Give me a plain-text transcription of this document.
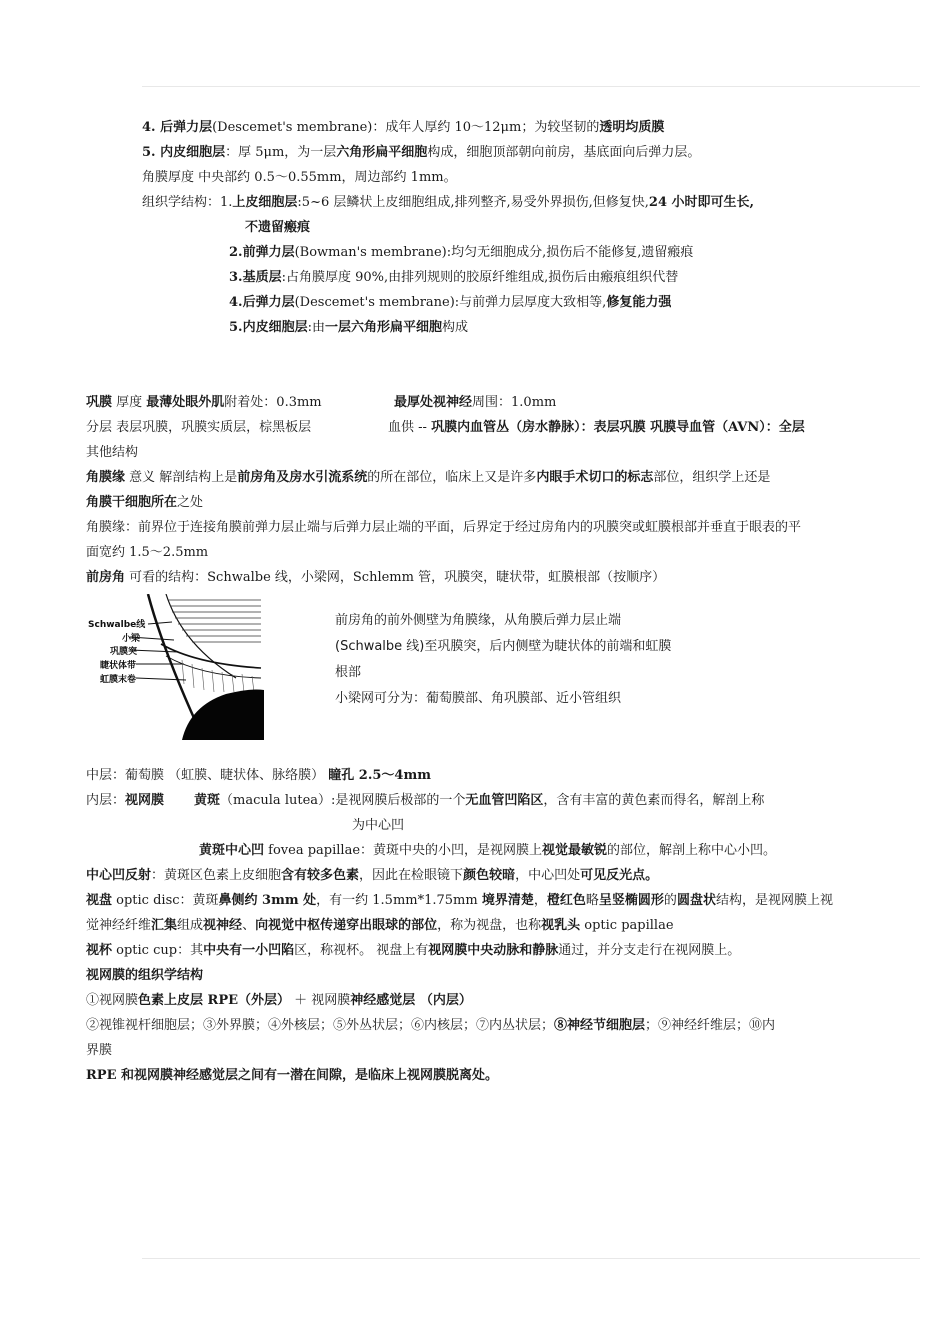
4. 后弹力层(Descemet's membrane)：成年人厚约 10～12μm；为较坚韧的透明均质膜
5. 内皮细胞层：厚 5μm，为一层六角形扁平细胞构成，细胞顶部朝向前房，基底面向后弹力层。
角膜厚度 中央部约 0.5～0.55mm，周边部约 1mm。
组织学结构：1.上皮细胞层:5~6 层鳞状上皮细胞组成,排列整齐,易受外界损伤,但修复快,24 小时即可生长,
不遗留瘢痕
2.前弹力层(Bowman's membrane):均匀无细胞成分,损伤后不能修复,遗留瘢痕
3.基质层:占角膜厚度 90%,由排列规则的胶原纤维组成,损伤后由瘢痕组织代替
4.后弹力层(Descemet's membrane):与前弹力层厚度大致相等,修复能力强
5.内皮细胞层:由一层六角形扁平细胞构成
巩膜 厚度 最薄处眼外肌附着处：0.3mm	最厚处视神经周围：1.0mm
分层 表层巩膜，巩膜实质层，棕黑板层	血供 -- 巩膜内血管丛（房水静脉）：表层巩膜 巩膜导血管（AVN）：全层
其他结构
角膜缘 意义 解剖结构上是前房角及房水引流系统的所在部位，临床上又是许多内眼手术切口的标志部位，组织学上还是
角膜干细胞所在之处
角膜缘：前界位于连接角膜前弹力层止端与后弹力层止端的平面，后界定于经过房角内的巩膜突或虹膜根部并垂直于眼表的平
面宽约 1.5～2.5mm
前房角 可看的结构：Schwalbe 线，小梁网，Schlemm 管，巩膜突，睫状带，虹膜根部（按顺序）
Schwalbe线
小梁
巩膜突
睫状体带
虹膜末卷
前房角的前外侧壁为角膜缘，从角膜后弹力层止端
(Schwalbe 线)至巩膜突，后内侧壁为睫状体的前端和虹膜
根部
小梁网可分为：葡萄膜部、角巩膜部、近小管组织
中层：葡萄膜 （虹膜、睫状体、脉络膜） 瞳孔 2.5～4mm
内层：视网膜 黄斑（macula lutea）:是视网膜后极部的一个无血管凹陷区，含有丰富的黄色素而得名，解剖上称
为中心凹
黄斑中心凹 fovea papillae：黄斑中央的小凹，是视网膜上视觉最敏锐的部位，解剖上称中心小凹。
中心凹反射：黄斑区色素上皮细胞含有较多色素，因此在检眼镜下颜色较暗，中心凹处可见反光点。
视盘 optic disc：黄斑鼻侧约 3mm 处，有一约 1.5mm*1.75mm 境界清楚，橙红色略呈竖椭圆形的圆盘状结构，是视网膜上视
觉神经纤维汇集组成视神经、向视觉中枢传递穿出眼球的部位，称为视盘，也称视乳头 optic papillae
视杯 optic cup：其中央有一小凹陷区，称视杯。 视盘上有视网膜中央动脉和静脉通过，并分支走行在视网膜上。
视网膜的组织学结构
①视网膜色素上皮层 RPE（外层） ＋ 视网膜神经感觉层 （内层）
②视锥视杆细胞层；③外界膜；④外核层；⑤外丛状层；⑥内核层；⑦内丛状层；⑧神经节细胞层；⑨神经纤维层；⑩内
界膜
RPE 和视网膜神经感觉层之间有一潜在间隙，是临床上视网膜脱离处。
